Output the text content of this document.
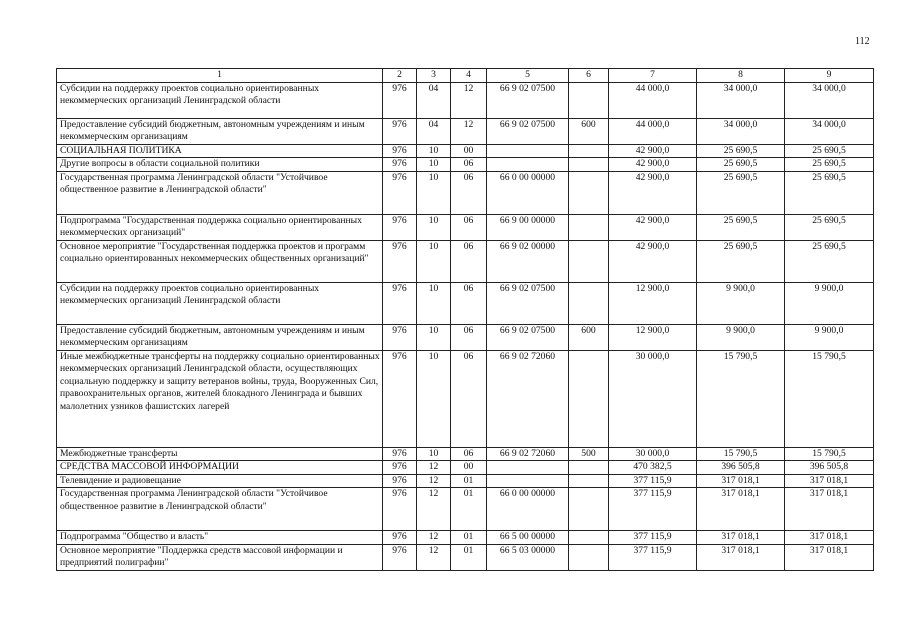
112
1	2	3	4	5	6	7	8	9
Субсидии на поддержку проектов социально ориентированных некоммерческих организаций Ленинградской области	976	04	12	66 9 02 07500		44 000,0	34 000,0	34 000,0
Предоставление субсидий бюджетным, автономным учреждениям и иным некоммерческим организациям	976	04	12	66 9 02 07500	600	44 000,0	34 000,0	34 000,0
СОЦИАЛЬНАЯ ПОЛИТИКА	976	10	00			42 900,0	25 690,5	25 690,5
Другие вопросы в области социальной политики	976	10	06			42 900,0	25 690,5	25 690,5
Государственная программа Ленинградской области "Устойчивое общественное развитие в Ленинградской области"	976	10	06	66 0 00 00000		42 900,0	25 690,5	25 690,5
Подпрограмма "Государственная поддержка социально ориентированных некоммерческих организаций"	976	10	06	66 9 00 00000		42 900,0	25 690,5	25 690,5
Основное мероприятие "Государственная поддержка проектов и программ социально ориентированных некоммерческих общественных организаций"	976	10	06	66 9 02 00000		42 900,0	25 690,5	25 690,5
Субсидии на поддержку проектов социально ориентированных некоммерческих организаций Ленинградской области	976	10	06	66 9 02 07500		12 900,0	9 900,0	9 900,0
Предоставление субсидий бюджетным, автономным учреждениям и иным некоммерческим организациям	976	10	06	66 9 02 07500	600	12 900,0	9 900,0	9 900,0
Иные межбюджетные трансферты на поддержку социально ориентированных некоммерческих организаций Ленинградской области, осуществляющих социальную поддержку и защиту ветеранов войны, труда, Вооруженных Сил, правоохранительных органов, жителей блокадного Ленинграда и бывших малолетних узников фашистских лагерей	976	10	06	66 9 02 72060		30 000,0	15 790,5	15 790,5
Межбюджетные трансферты	976	10	06	66 9 02 72060	500	30 000,0	15 790,5	15 790,5
СРЕДСТВА МАССОВОЙ ИНФОРМАЦИИ	976	12	00			470 382,5	396 505,8	396 505,8
Телевидение и радиовещание	976	12	01			377 115,9	317 018,1	317 018,1
Государственная программа Ленинградской области "Устойчивое общественное развитие в Ленинградской области"	976	12	01	66 0 00 00000		377 115,9	317 018,1	317 018,1
Подпрограмма "Общество и власть"	976	12	01	66 5 00 00000		377 115,9	317 018,1	317 018,1
Основное мероприятие "Поддержка средств массовой информации и предприятий полиграфии"	976	12	01	66 5 03 00000		377 115,9	317 018,1	317 018,1
